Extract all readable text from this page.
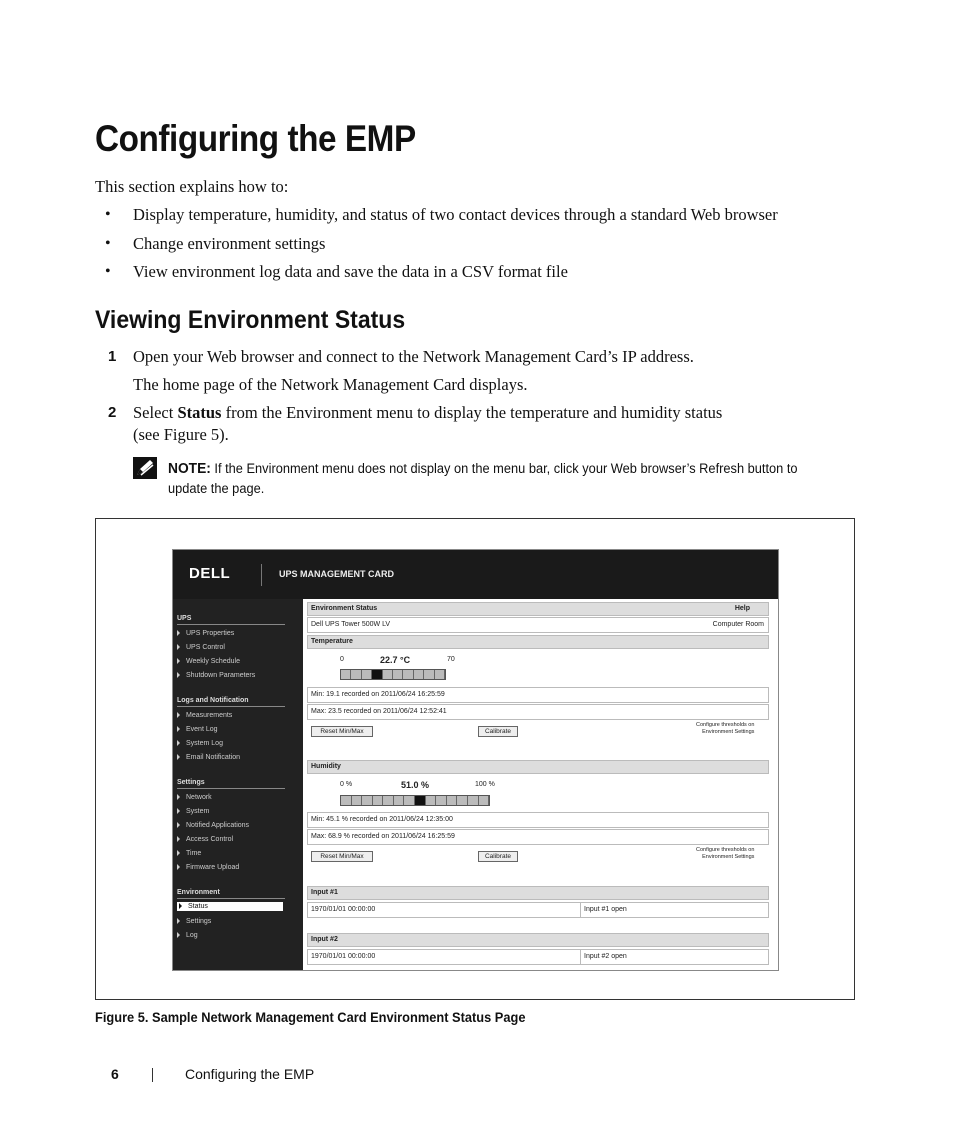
Configuring the EMP
This section explains how to:
• Display temperature, humidity, and status of two contact devices through a standard Web browser
• Change environment settings
• View environment log data and save the data in a CSV format file
Viewing Environment Status
1 Open your Web browser and connect to the Network Management Card’s IP address.
The home page of the Network Management Card displays.
2 Select Status from the Environment menu to display the temperature and humidity status
(see Figure 5).
NOTE: If the Environment menu does not display on the menu bar, click your Web browser’s Refresh button to
update the page.
DELL	UPS MANAGEMENT CARD
UPS
UPS Properties
UPS Control
Weekly Schedule
Shutdown Parameters
Logs and Notification
Measurements
Event Log
System Log
Email Notification
Settings
Network
System
Notified Applications
Access Control
Time
Firmware Upload
Environment
Status
Settings
Log
Environment Status	Help
Dell UPS Tower 500W LV	Computer Room
Temperature
0	22.7 °C	70
Min: 19.1 recorded on 2011/06/24 16:25:59
Max: 23.5 recorded on 2011/06/24 12:52:41
Reset Min/Max	Calibrate
Configure thresholds on
Environment Settings
Humidity
0 %	51.0 %	100 %
Min: 45.1 % recorded on 2011/06/24 12:35:00
Max: 68.9 % recorded on 2011/06/24 16:25:59
Reset Min/Max	Calibrate
Configure thresholds on
Environment Settings
Input #1
1970/01/01 00:00:00	Input #1 open
Input #2
1970/01/01 00:00:00	Input #2 open
Figure 5. Sample Network Management Card Environment Status Page
6	Configuring the EMP
